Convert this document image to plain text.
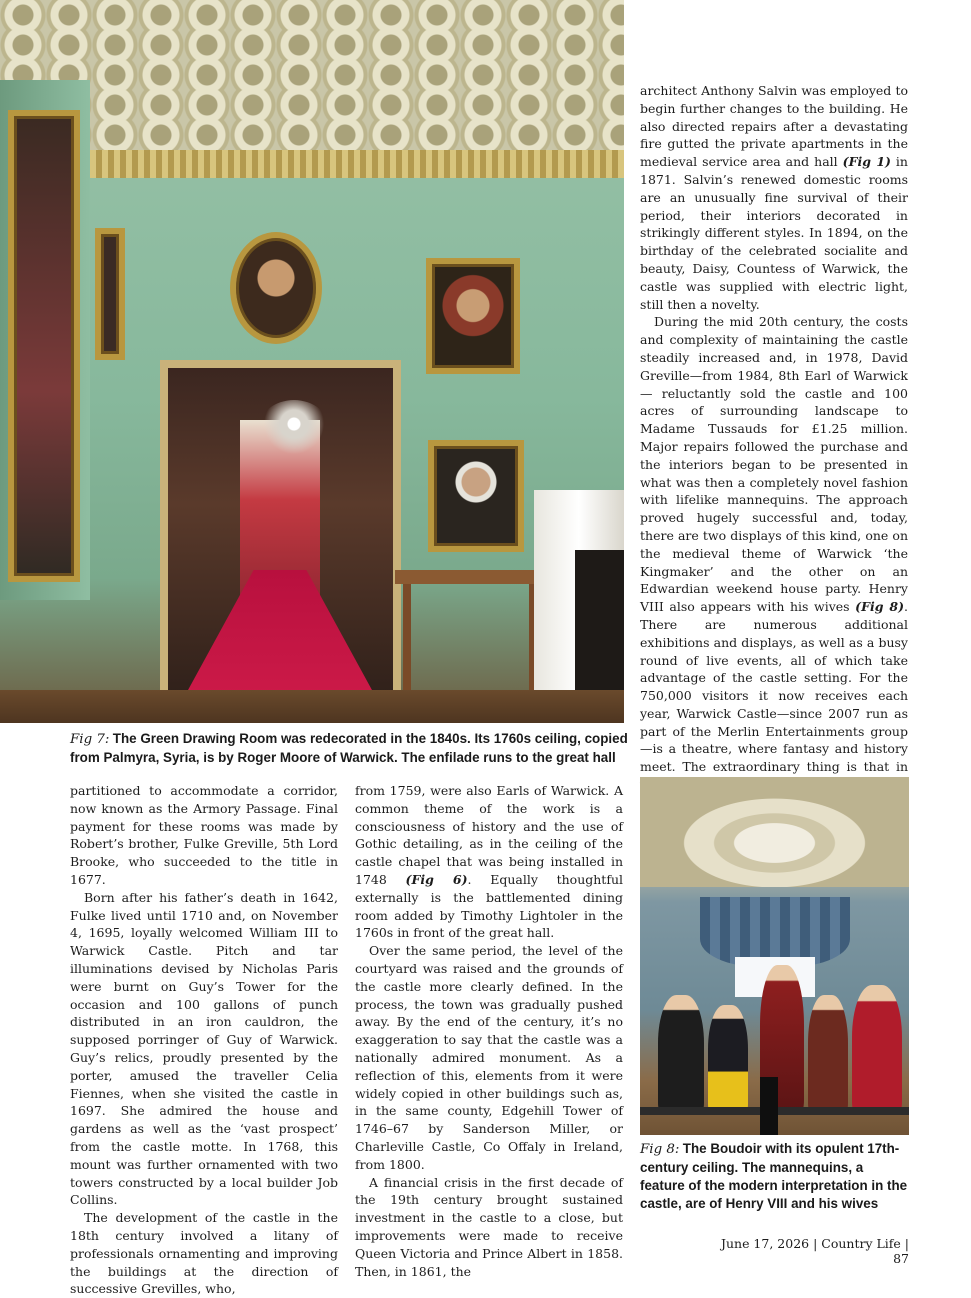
Fig 7: The Green Drawing Room was redecorated in the 1840s. Its 1760s ceiling, copied from Palmyra, Syria, is by Roger Moore of Warwick. The enfilade runs to the great hall

architect Anthony Salvin was employed to begin further changes to the building. He also directed repairs after a devastating fire gutted the private apartments in the medieval service area and hall (Fig 1) in 1871. Salvin’s renewed domestic rooms are an unusually fine survival of their period, their interiors decorated in strikingly different styles. In 1894, on the birthday of the celebrated socialite and beauty, Daisy, Countess of Warwick, the castle was supplied with electric light, still then a novelty.

During the mid 20th century, the costs and complexity of maintaining the castle steadily increased and, in 1978, David Greville—from 1984, 8th Earl of Warwick— reluctantly sold the castle and 100 acres of surrounding landscape to Madame Tussauds for £1.25 million. Major repairs followed the purchase and the interiors began to be presented in what was then a completely novel fashion with lifelike mannequins. The approach proved hugely successful and, today, there are two displays of this kind, one on the medieval theme of Warwick ‘the Kingmaker’ and the other on an Edwardian weekend house party. Henry VIII also appears with his wives (Fig 8). There are numerous additional exhibitions and displays, as well as a busy round of live events, all of which take advantage of the castle setting. For the 750,000 visitors it now receives each year, Warwick Castle—since 2007 run as part of the Merlin Entertainments group—is a theatre, where fantasy and history meet. The extraordinary thing is that in

partitioned to accommodate a corridor, now known as the Armory Passage. Final payment for these rooms was made by Robert’s brother, Fulke Greville, 5th Lord Brooke, who succeeded to the title in 1677.

Born after his father’s death in 1642, Fulke lived until 1710 and, on November 4, 1695, loyally welcomed William III to Warwick Castle. Pitch and tar illuminations devised by Nicholas Paris were burnt on Guy’s Tower for the occasion and 100 gallons of punch distributed in an iron cauldron, the supposed porringer of Guy of Warwick. Guy’s relics, proudly presented by the porter, amused the traveller Celia Fiennes, when she visited the castle in 1697. She admired the house and gardens as well as the ‘vast prospect’ from the castle motte. In 1768, this mount was further ornamented with two towers constructed by a local builder Job Collins.

The development of the castle in the 18th century involved a litany of professionals ornamenting and improving the buildings at the direction of successive Grevilles, who,

from 1759, were also Earls of Warwick. A common theme of the work is a consciousness of history and the use of Gothic detailing, as in the ceiling of the castle chapel that was being installed in 1748 (Fig 6). Equally thoughtful externally is the battlemented dining room added by Timothy Lightoler in the 1760s in front of the great hall.

Over the same period, the level of the courtyard was raised and the grounds of the castle more clearly defined. In the process, the town was gradually pushed away. By the end of the century, it’s no exaggeration to say that the castle was a nationally admired monument. As a reflection of this, elements from it were widely copied in other buildings such as, in the same county, Edgehill Tower of 1746–67 by Sanderson Miller, or Charleville Castle, Co Offaly in Ireland, from 1800.

A financial crisis in the first decade of the 19th century brought sustained investment in the castle to a close, but improvements were made to receive Queen Victoria and Prince Albert in 1858. Then, in 1861, the

Fig 8: The Boudoir with its opulent 17th-century ceiling. The mannequins, a feature of the modern interpretation in the castle, are of Henry VIII and his wives
June 17, 2026 | Country Life | 87
